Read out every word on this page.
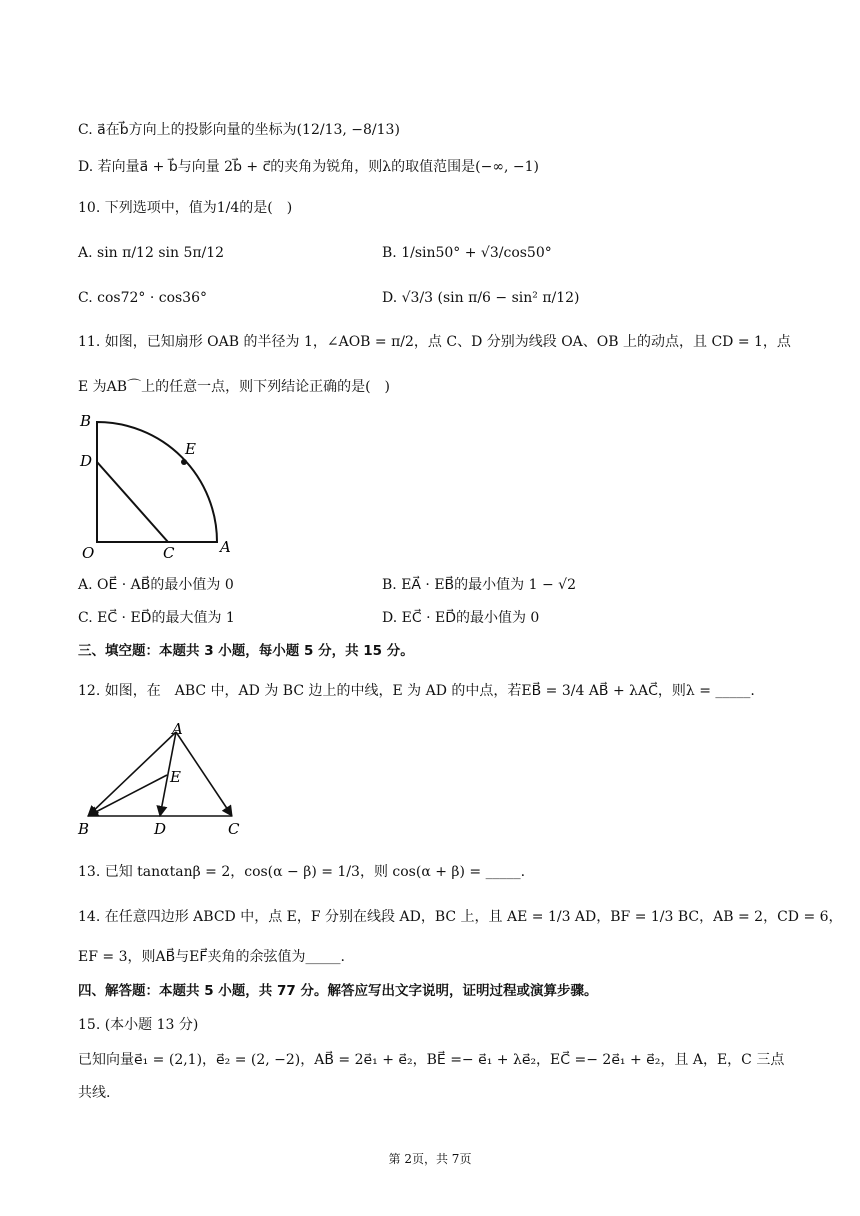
C. a⃗在b⃗方向上的投影向量的坐标为(12/13, −8/13)
D. 若向量a⃗ + b⃗与向量 2b⃗ + c⃗的夹角为锐角，则λ的取值范围是(−∞, −1)
10. 下列选项中，值为1/4的是(　)
A. sin π/12 sin 5π/12	B. 1/sin50° + √3/cos50°
C. cos72° · cos36°	D. √3/3 (sin π/6 − sin² π/12)
11. 如图，已知扇形 OAB 的半径为 1，∠AOB = π/2，点 C、D 分别为线段 OA、OB 上的动点，且 CD = 1，点
E 为AB⌒上的任意一点，则下列结论正确的是(　)
B
D
E
O	C	A
A. OE⃗ · AB⃗的最小值为 0	B. EA⃗ · EB⃗的最小值为 1 − √2
C. EC⃗ · ED⃗的最大值为 1	D. EC⃗ · ED⃗的最小值为 0
三、填空题：本题共 3 小题，每小题 5 分，共 15 分。
12. 如图，在　ABC 中，AD 为 BC 边上的中线，E 为 AD 的中点，若EB⃗ = 3/4 AB⃗ + λAC⃗，则λ = _____.
A
E
B	D	C
13. 已知 tanαtanβ = 2，cos(α − β) = 1/3，则 cos(α + β) = _____.
14. 在任意四边形 ABCD 中，点 E，F 分别在线段 AD，BC 上，且 AE = 1/3 AD，BF = 1/3 BC，AB = 2，CD = 6，
EF = 3，则AB⃗与EF⃗夹角的余弦值为_____.
四、解答题：本题共 5 小题，共 77 分。解答应写出文字说明，证明过程或演算步骤。
15. (本小题 13 分)
已知向量e⃗₁ = (2,1)，e⃗₂ = (2, −2)，AB⃗ = 2e⃗₁ + e⃗₂，BE⃗ =− e⃗₁ + λe⃗₂，EC⃗ =− 2e⃗₁ + e⃗₂，且 A，E，C 三点
共线.
第 2页，共 7页
